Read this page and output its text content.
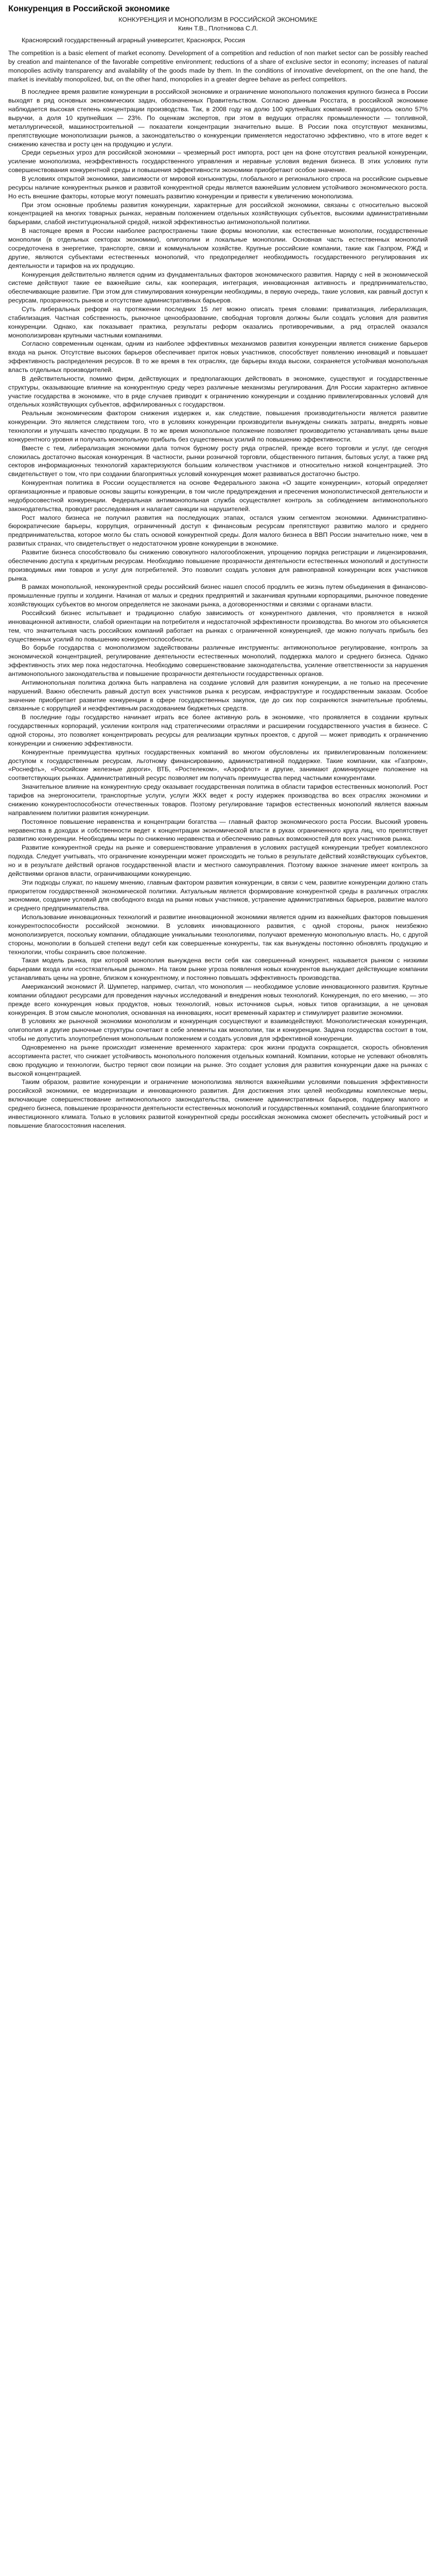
Конкуренция в Российской экономике

КОНКУРЕНЦИЯ И МОНОПОЛИЗМ В РОССИЙСКОЙ ЭКОНОМИКЕ

Киян Т.В., Плотникова С.Л.

Красноярский государственный аграрный университет, Красноярск, Россия

The competition is a basic element of market economy. Development of a competition and reduction of non market sector can be possibly reached by creation and maintenance of the favorable competitive environment; reductions of a share of exclusive sector in economy; increases of natural monopolies activity transparency and availability of the goods made by them. In the conditions of innovative development, on the one hand, the market is inevitably monopolized, but, on the other hand, monopolies in a greater degree behave as perfect competitors.

В последнее время развитие конкуренции в российской экономике и ограничение монопольного положения крупного бизнеса в России выходят в ряд основных экономических задач, обозначенных Правительством. Согласно данным Росстата, в российской экономике наблюдается высокая степень концентрации производства. Так, в 2008 году на долю 100 крупнейших компаний приходилось около 57% выручки, а доля 10 крупнейших — 23%. По оценкам экспертов, при этом в ведущих отраслях промышленности — топливной, металлургической, машиностроительной — показатели концентрации значительно выше. В России пока отсутствуют механизмы, препятствующие монополизации рынков, а законодательство о конкуренции применяется недостаточно эффективно, что в итоге ведет к снижению качества и росту цен на продукцию и услуги.

Среди серьезных угроз для российской экономики – чрезмерный рост импорта, рост цен на фоне отсутствия реальной конкуренции, усиление монополизма, неэффективность государственного управления и неравные условия ведения бизнеса. В этих условиях пути совершенствования конкурентной среды и повышения эффективности экономики приобретают особое значение.

В условиях открытой экономики, зависимости от мировой конъюнктуры, глобального и регионального спроса на российские сырьевые ресурсы наличие конкурентных рынков и развитой конкурентной среды является важнейшим условием устойчивого экономического роста. Но есть внешние факторы, которые могут помешать развитию конкуренции и привести к увеличению монополизма.

При этом основные проблемы развития конкуренции, характерные для российской экономики, связаны с относительно высокой концентрацией на многих товарных рынках, неравным положением отдельных хозяйствующих субъектов, высокими административными барьерами, слабой институциональной средой, низкой эффективностью антимонопольной политики.

В настоящее время в России наиболее распространены такие формы монополии, как естественные монополии, государственные монополии (в отдельных секторах экономики), олигополии и локальные монополии. Основная часть естественных монополий сосредоточена в энергетике, транспорте, связи и коммунальном хозяйстве. Крупные российские компании, такие как Газпром, РЖД и другие, являются субъектами естественных монополий, что предопределяет необходимость государственного регулирования их деятельности и тарифов на их продукцию.

Конкуренция действительно является одним из фундаментальных факторов экономического развития. Наряду с ней в экономической системе действуют такие ее важнейшие силы, как кооперация, интеграция, инновационная активность и предпринимательство, обеспечивающие развитие. При этом для стимулирования конкуренции необходимы, в первую очередь, такие условия, как равный доступ к ресурсам, прозрачность рынков и отсутствие административных барьеров.

Суть либеральных реформ на протяжении последних 15 лет можно описать тремя словами: приватизация, либерализация, стабилизация. Частная собственность, рыночное ценообразование, свободная торговля должны были создать условия для развития конкуренции. Однако, как показывает практика, результаты реформ оказались противоречивыми, а ряд отраслей оказался монополизирован крупными частными компаниями.

Согласно современным оценкам, одним из наиболее эффективных механизмов развития конкуренции является снижение барьеров входа на рынок. Отсутствие высоких барьеров обеспечивает приток новых участников, способствует появлению инноваций и повышает эффективность распределения ресурсов. В то же время в тех отраслях, где барьеры входа высоки, сохраняется устойчивая монопольная власть отдельных производителей.

В действительности, помимо фирм, действующих и предполагающих действовать в экономике, существуют и государственные структуры, оказывающие влияние на конкурентную среду через различные механизмы регулирования. Для России характерно активное участие государства в экономике, что в ряде случаев приводит к ограничению конкуренции и созданию привилегированных условий для отдельных хозяйствующих субъектов, аффилированных с государством.

Реальным экономическим фактором снижения издержек и, как следствие, повышения производительности является развитие конкуренции. Это является следствием того, что в условиях конкуренции производители вынуждены снижать затраты, внедрять новые технологии и улучшать качество продукции. В то же время монопольное положение позволяет производителю устанавливать цены выше конкурентного уровня и получать монопольную прибыль без существенных усилий по повышению эффективности.

Вместе с тем, либерализация экономики дала толчок бурному росту ряда отраслей, прежде всего торговли и услуг, где сегодня сложилась достаточно высокая конкуренция. В частности, рынки розничной торговли, общественного питания, бытовых услуг, а также ряд секторов информационных технологий характеризуются большим количеством участников и относительно низкой концентрацией. Это свидетельствует о том, что при создании благоприятных условий конкуренция может развиваться достаточно быстро.

Конкурентная политика в России осуществляется на основе Федерального закона «О защите конкуренции», который определяет организационные и правовые основы защиты конкуренции, в том числе предупреждения и пресечения монополистической деятельности и недобросовестной конкуренции. Федеральная антимонопольная служба осуществляет контроль за соблюдением антимонопольного законодательства, проводит расследования и налагает санкции на нарушителей.

Рост малого бизнеса не получил развития на последующих этапах, остался узким сегментом экономики. Административно-бюрократические барьеры, коррупция, ограниченный доступ к финансовым ресурсам препятствуют развитию малого и среднего предпринимательства, которое могло бы стать основой конкурентной среды. Доля малого бизнеса в ВВП России значительно ниже, чем в развитых странах, что свидетельствует о недостаточном уровне конкуренции в экономике.

Развитие бизнеса способствовало бы снижению совокупного налогообложения, упрощению порядка регистрации и лицензирования, обеспечению доступа к кредитным ресурсам. Необходимо повышение прозрачности деятельности естественных монополий и доступности производимых ими товаров и услуг для потребителей. Это позволит создать условия для равноправной конкуренции всех участников рынка.

В рамках монопольной, неконкурентной среды российский бизнес нашел способ продлить ее жизнь путем объединения в финансово-промышленные группы и холдинги. Начиная от малых и средних предприятий и заканчивая крупными корпорациями, рыночное поведение хозяйствующих субъектов во многом определяется не законами рынка, а договоренностями и связями с органами власти.

Российский бизнес испытывает и традиционно слабую зависимость от конкурентного давления, что проявляется в низкой инновационной активности, слабой ориентации на потребителя и недостаточной эффективности производства. Во многом это объясняется тем, что значительная часть российских компаний работает на рынках с ограниченной конкуренцией, где можно получать прибыль без существенных усилий по повышению конкурентоспособности.

Во борьбе государства с монополизмом задействованы различные инструменты: антимонопольное регулирование, контроль за экономической концентрацией, регулирование деятельности естественных монополий, поддержка малого и среднего бизнеса. Однако эффективность этих мер пока недостаточна. Необходимо совершенствование законодательства, усиление ответственности за нарушения антимонопольного законодательства и повышение прозрачности деятельности государственных органов.

Антимонопольная политика должна быть направлена на создание условий для развития конкуренции, а не только на пресечение нарушений. Важно обеспечить равный доступ всех участников рынка к ресурсам, инфраструктуре и государственным заказам. Особое значение приобретает развитие конкуренции в сфере государственных закупок, где до сих пор сохраняются значительные проблемы, связанные с коррупцией и неэффективным расходованием бюджетных средств.

В последние годы государство начинает играть все более активную роль в экономике, что проявляется в создании крупных государственных корпораций, усилении контроля над стратегическими отраслями и расширении государственного участия в бизнесе. С одной стороны, это позволяет концентрировать ресурсы для реализации крупных проектов, с другой — может приводить к ограничению конкуренции и снижению эффективности.

Конкурентные преимущества крупных государственных компаний во многом обусловлены их привилегированным положением: доступом к государственным ресурсам, льготному финансированию, административной поддержке. Такие компании, как «Газпром», «Роснефть», «Российские железные дороги», ВТБ, «Ростелеком», «Аэрофлот» и другие, занимают доминирующее положение на соответствующих рынках. Административный ресурс позволяет им получать преимущества перед частными конкурентами.

Значительное влияние на конкурентную среду оказывает государственная политика в области тарифов естественных монополий. Рост тарифов на энергоносители, транспортные услуги, услуги ЖКХ ведет к росту издержек производства во всех отраслях экономики и снижению конкурентоспособности отечественных товаров. Поэтому регулирование тарифов естественных монополий является важным направлением политики развития конкуренции.

Постоянное повышение неравенства и концентрации богатства — главный фактор экономического роста России. Высокий уровень неравенства в доходах и собственности ведет к концентрации экономической власти в руках ограниченного круга лиц, что препятствует развитию конкуренции. Необходимы меры по снижению неравенства и обеспечению равных возможностей для всех участников рынка.

Развитие конкурентной среды на рынке и совершенствование управления в условиях растущей конкуренции требует комплексного подхода. Следует учитывать, что ограничение конкуренции может происходить не только в результате действий хозяйствующих субъектов, но и в результате действий органов государственной власти и местного самоуправления. Поэтому важное значение имеет контроль за действиями органов власти, ограничивающими конкуренцию.

Эти подходы служат, по нашему мнению, главным фактором развития конкуренции, в связи с чем, развитие конкуренции должно стать приоритетом государственной экономической политики. Актуальным является формирование конкурентной среды в различных отраслях экономики, создание условий для свободного входа на рынки новых участников, устранение административных барьеров, развитие малого и среднего предпринимательства.

Использование инновационных технологий и развитие инновационной экономики является одним из важнейших факторов повышения конкурентоспособности российской экономики. В условиях инновационного развития, с одной стороны, рынок неизбежно монополизируется, поскольку компании, обладающие уникальными технологиями, получают временную монопольную власть. Но, с другой стороны, монополии в большей степени ведут себя как совершенные конкуренты, так как вынуждены постоянно обновлять продукцию и технологии, чтобы сохранить свое положение.

Такая модель рынка, при которой монополия вынуждена вести себя как совершенный конкурент, называется рынком с низкими барьерами входа или «состязательным рынком». На таком рынке угроза появления новых конкурентов вынуждает действующие компании устанавливать цены на уровне, близком к конкурентному, и постоянно повышать эффективность производства.

Американский экономист Й. Шумпетер, например, считал, что монополия — необходимое условие инновационного развития. Крупные компании обладают ресурсами для проведения научных исследований и внедрения новых технологий. Конкуренция, по его мнению, — это прежде всего конкуренция новых продуктов, новых технологий, новых источников сырья, новых типов организации, а не ценовая конкуренция. В этом смысле монополия, основанная на инновациях, носит временный характер и стимулирует развитие экономики.

В условиях же рыночной экономики монополизм и конкуренция сосуществуют и взаимодействуют. Монополистическая конкуренция, олигополия и другие рыночные структуры сочетают в себе элементы как монополии, так и конкуренции. Задача государства состоит в том, чтобы не допустить злоупотребления монопольным положением и создать условия для эффективной конкуренции.

Одновременно на рынке происходит изменение временного характера: срок жизни продукта сокращается, скорость обновления ассортимента растет, что снижает устойчивость монопольного положения отдельных компаний. Компании, которые не успевают обновлять свою продукцию и технологии, быстро теряют свои позиции на рынке. Это создает условия для развития конкуренции даже на рынках с высокой концентрацией.

Таким образом, развитие конкуренции и ограничение монополизма являются важнейшими условиями повышения эффективности российской экономики, ее модернизации и инновационного развития. Для достижения этих целей необходимы комплексные меры, включающие совершенствование антимонопольного законодательства, снижение административных барьеров, поддержку малого и среднего бизнеса, повышение прозрачности деятельности естественных монополий и государственных компаний, создание благоприятного инвестиционного климата. Только в условиях развитой конкурентной среды российская экономика сможет обеспечить устойчивый рост и повышение благосостояния населения.
